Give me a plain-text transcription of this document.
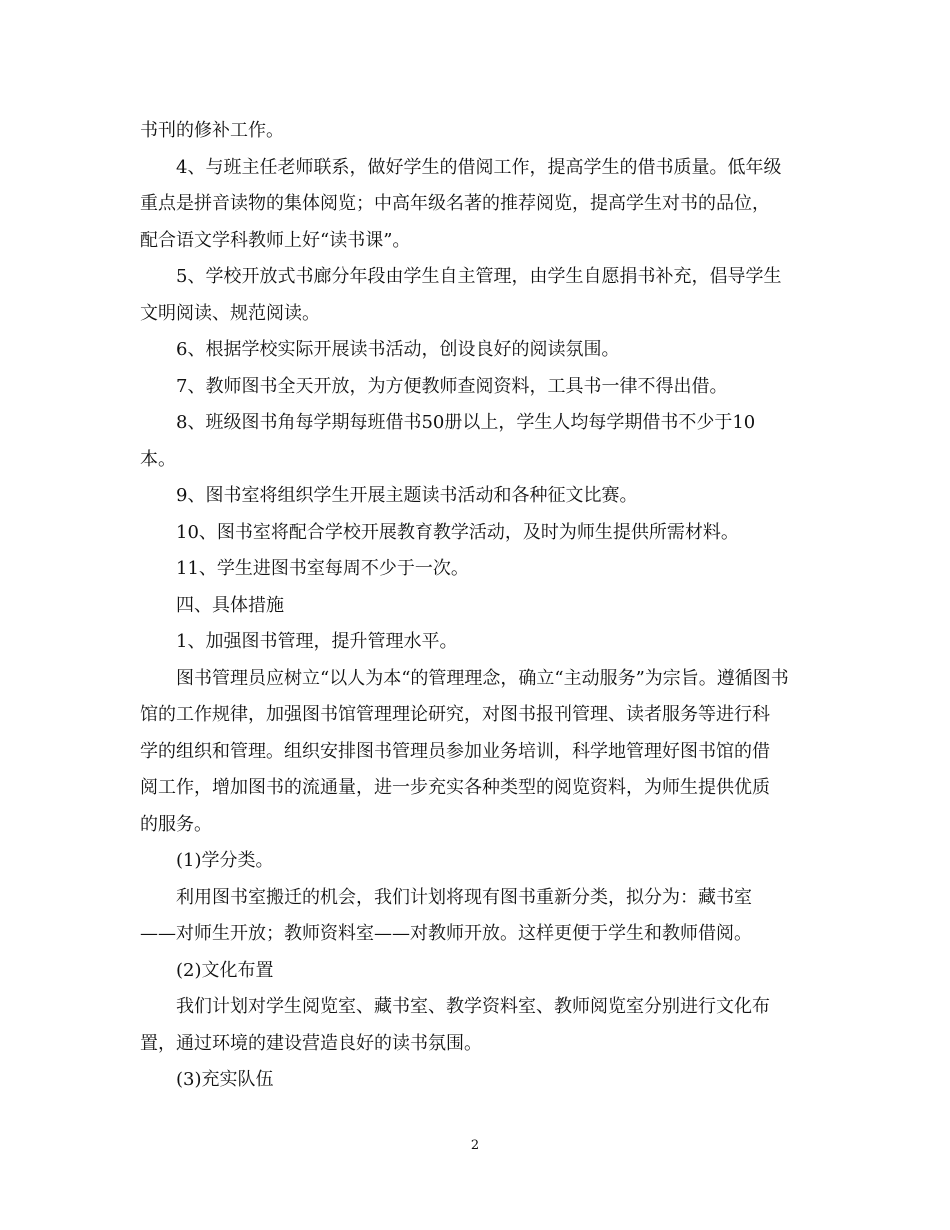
书刊的修补工作。

4、与班主任老师联系，做好学生的借阅工作，提高学生的借书质量。低年级
重点是拼音读物的集体阅览；中高年级名著的推荐阅览，提高学生对书的品位，
配合语文学科教师上好“读书课”。

5、学校开放式书廊分年段由学生自主管理，由学生自愿捐书补充，倡导学生
文明阅读、规范阅读。

6、根据学校实际开展读书活动，创设良好的阅读氛围。

7、教师图书全天开放，为方便教师查阅资料，工具书一律不得出借。

8、班级图书角每学期每班借书50册以上，学生人均每学期借书不少于10
本。

9、图书室将组织学生开展主题读书活动和各种征文比赛。

10、图书室将配合学校开展教育教学活动，及时为师生提供所需材料。

11、学生进图书室每周不少于一次。

四、具体措施

1、加强图书管理，提升管理水平。

图书管理员应树立“以人为本“的管理理念，确立“主动服务”为宗旨。遵循图书
馆的工作规律，加强图书馆管理理论研究，对图书报刊管理、读者服务等进行科
学的组织和管理。组织安排图书管理员参加业务培训，科学地管理好图书馆的借
阅工作，增加图书的流通量，进一步充实各种类型的阅览资料，为师生提供优质
的服务。

(1)学分类。

利用图书室搬迁的机会，我们计划将现有图书重新分类，拟分为：藏书室
——对师生开放；教师资料室——对教师开放。这样更便于学生和教师借阅。

(2)文化布置

我们计划对学生阅览室、藏书室、教学资料室、教师阅览室分别进行文化布
置，通过环境的建设营造良好的读书氛围。

(3)充实队伍

2
